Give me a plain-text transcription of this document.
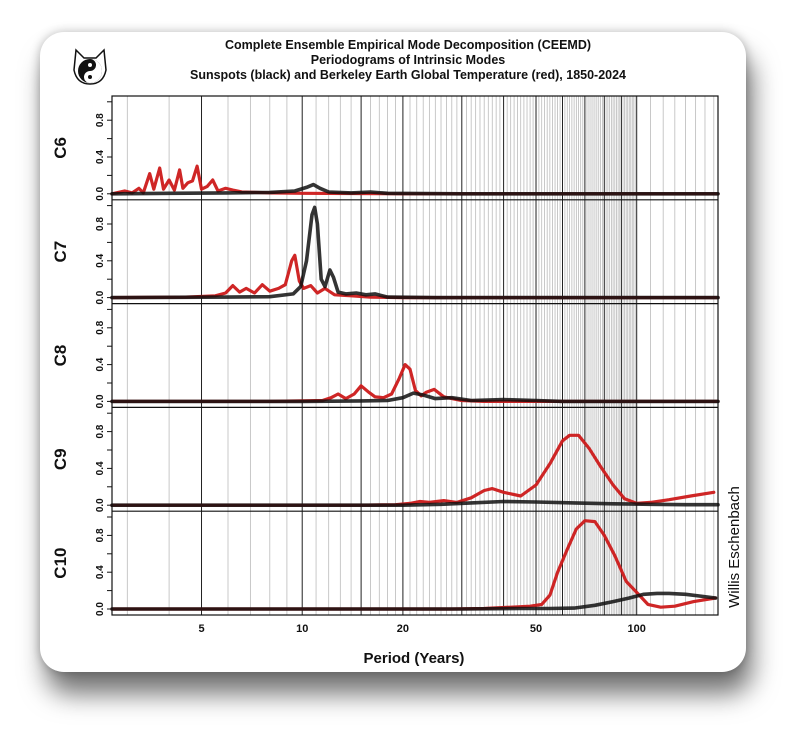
Complete Ensemble Empirical Mode Decomposition (CEEMD)
Periodograms of Intrinsic Modes
Sunspots (black) and Berkeley Earth Global Temperature (red), 1850-2024
0.0
0.4
0.8
C6
0.0
0.4
0.8
C7
0.0
0.4
0.8
C8
0.0
0.4
0.8
C9
0.0
0.4
0.8
C10
5	10	20	50	100
Period (Years)
Willis Eschenbach
